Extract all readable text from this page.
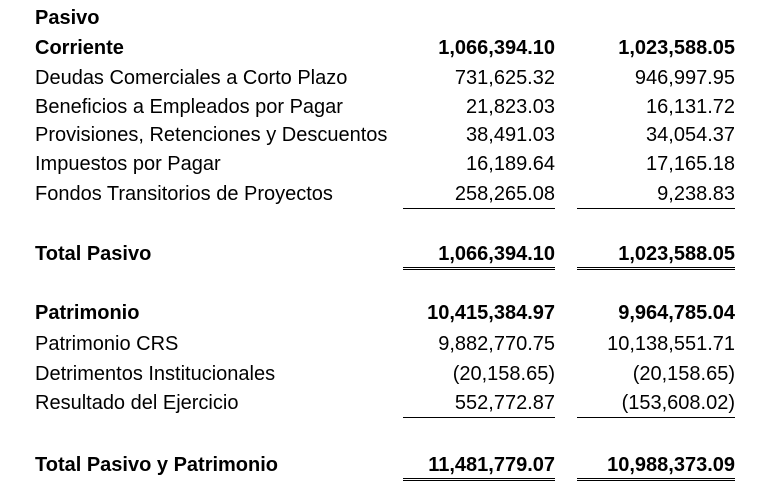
Pasivo
Corriente	1,066,394.10	1,023,588.05
Deudas Comerciales a Corto Plazo	731,625.32	946,997.95
Beneficios a Empleados por Pagar	21,823.03	16,131.72
Provisiones, Retenciones y Descuentos	38,491.03	34,054.37
Impuestos por Pagar	16,189.64	17,165.18
Fondos Transitorios de Proyectos	258,265.08	9,238.83
Total Pasivo	1,066,394.10	1,023,588.05
Patrimonio	10,415,384.97	9,964,785.04
Patrimonio CRS	9,882,770.75	10,138,551.71
Detrimentos Institucionales	(20,158.65)	(20,158.65)
Resultado del Ejercicio	552,772.87	(153,608.02)
Total Pasivo y Patrimonio	11,481,779.07	10,988,373.09
